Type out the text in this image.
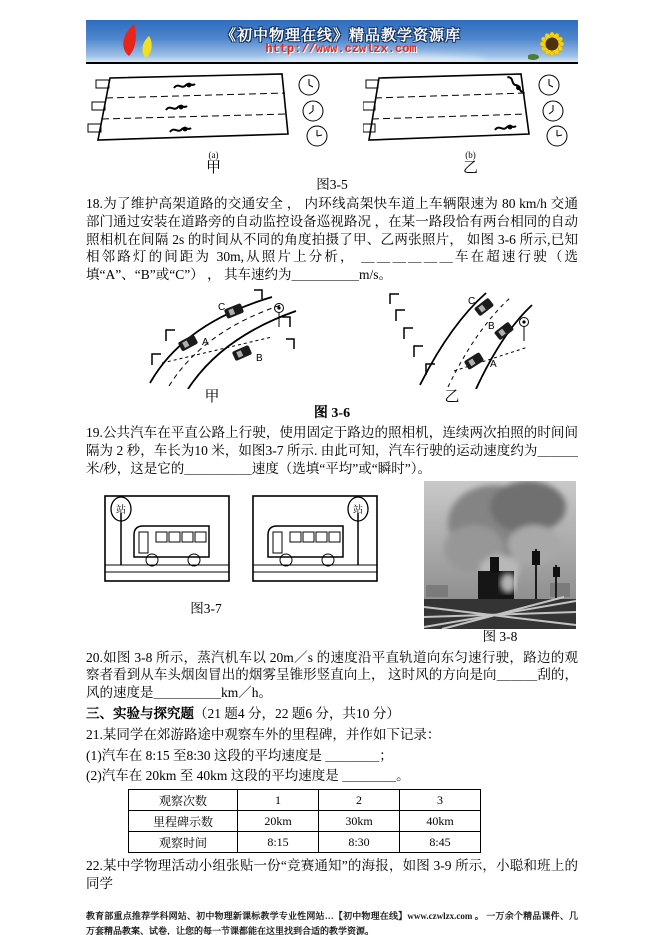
《初中物理在线》精品教学资源库
http://www.czwlzx.com
(a)
甲
(b)
乙
图3-5

18.为了维护高架道路的交通安全 ， 内环线高架快车道上车辆限速为 80 km/h 交通部门通过安装在道路旁的自动监控设备巡视路况 ，在某一路段恰有两台相同的自动照相机在间隔 2s 的时间从不同的角度拍摄了甲、乙两张照片， 如图 3-6 所示,已知相邻路灯的间距为 30m,从照片上分析， ＿＿＿＿＿＿车在超速行驶（选填“A”、“B”或“C”） ， 其车速约为＿＿＿＿＿m/s。

C
A
B
甲
C
B
A
乙
图 3-6

19.公共汽车在平直公路上行驶，使用固定于路边的照相机，连续两次拍照的时间间隔为 2 秒，车长为10 米，如图3-7 所示. 由此可知，汽车行驶的运动速度约为＿＿＿米/秒，这是它的＿＿＿＿＿速度（选填“平均”或“瞬时”）。

站	站
图3-7
图 3-8

20.如图 3-8 所示，蒸汽机车以 20m／s 的速度沿平直轨道向东匀速行驶，路边的观察者看到从车头烟囱冒出的烟雾呈锥形竖直向上， 这时风的方向是向＿＿＿刮的， 风的速度是＿＿＿＿＿km／h。

三、实验与探究题（21 题4 分，22 题6 分，共10 分）

21.某同学在郊游路途中观察车外的里程碑，并作如下记录：

(1)汽车在 8:15 至8:30 这段的平均速度是 ＿＿＿＿；

(2)汽车在 20km 至 40km 这段的平均速度是 ＿＿＿＿。

观察次数	1	2	3
里程碑示数	20km	30km	40km
观察时间	8:15	8:30	8:45

22.某中学物理活动小组张贴一份“竞赛通知”的海报，如图 3-9 所示，小聪和班上的同学

教育部重点推荐学科网站、初中物理新课标教学专业性网站…【初中物理在线】www.czwlzx.com 。 一万余个精品课件、几万套精品教案、试卷，让您的每一节课都能在这里找到合适的教学资源。
